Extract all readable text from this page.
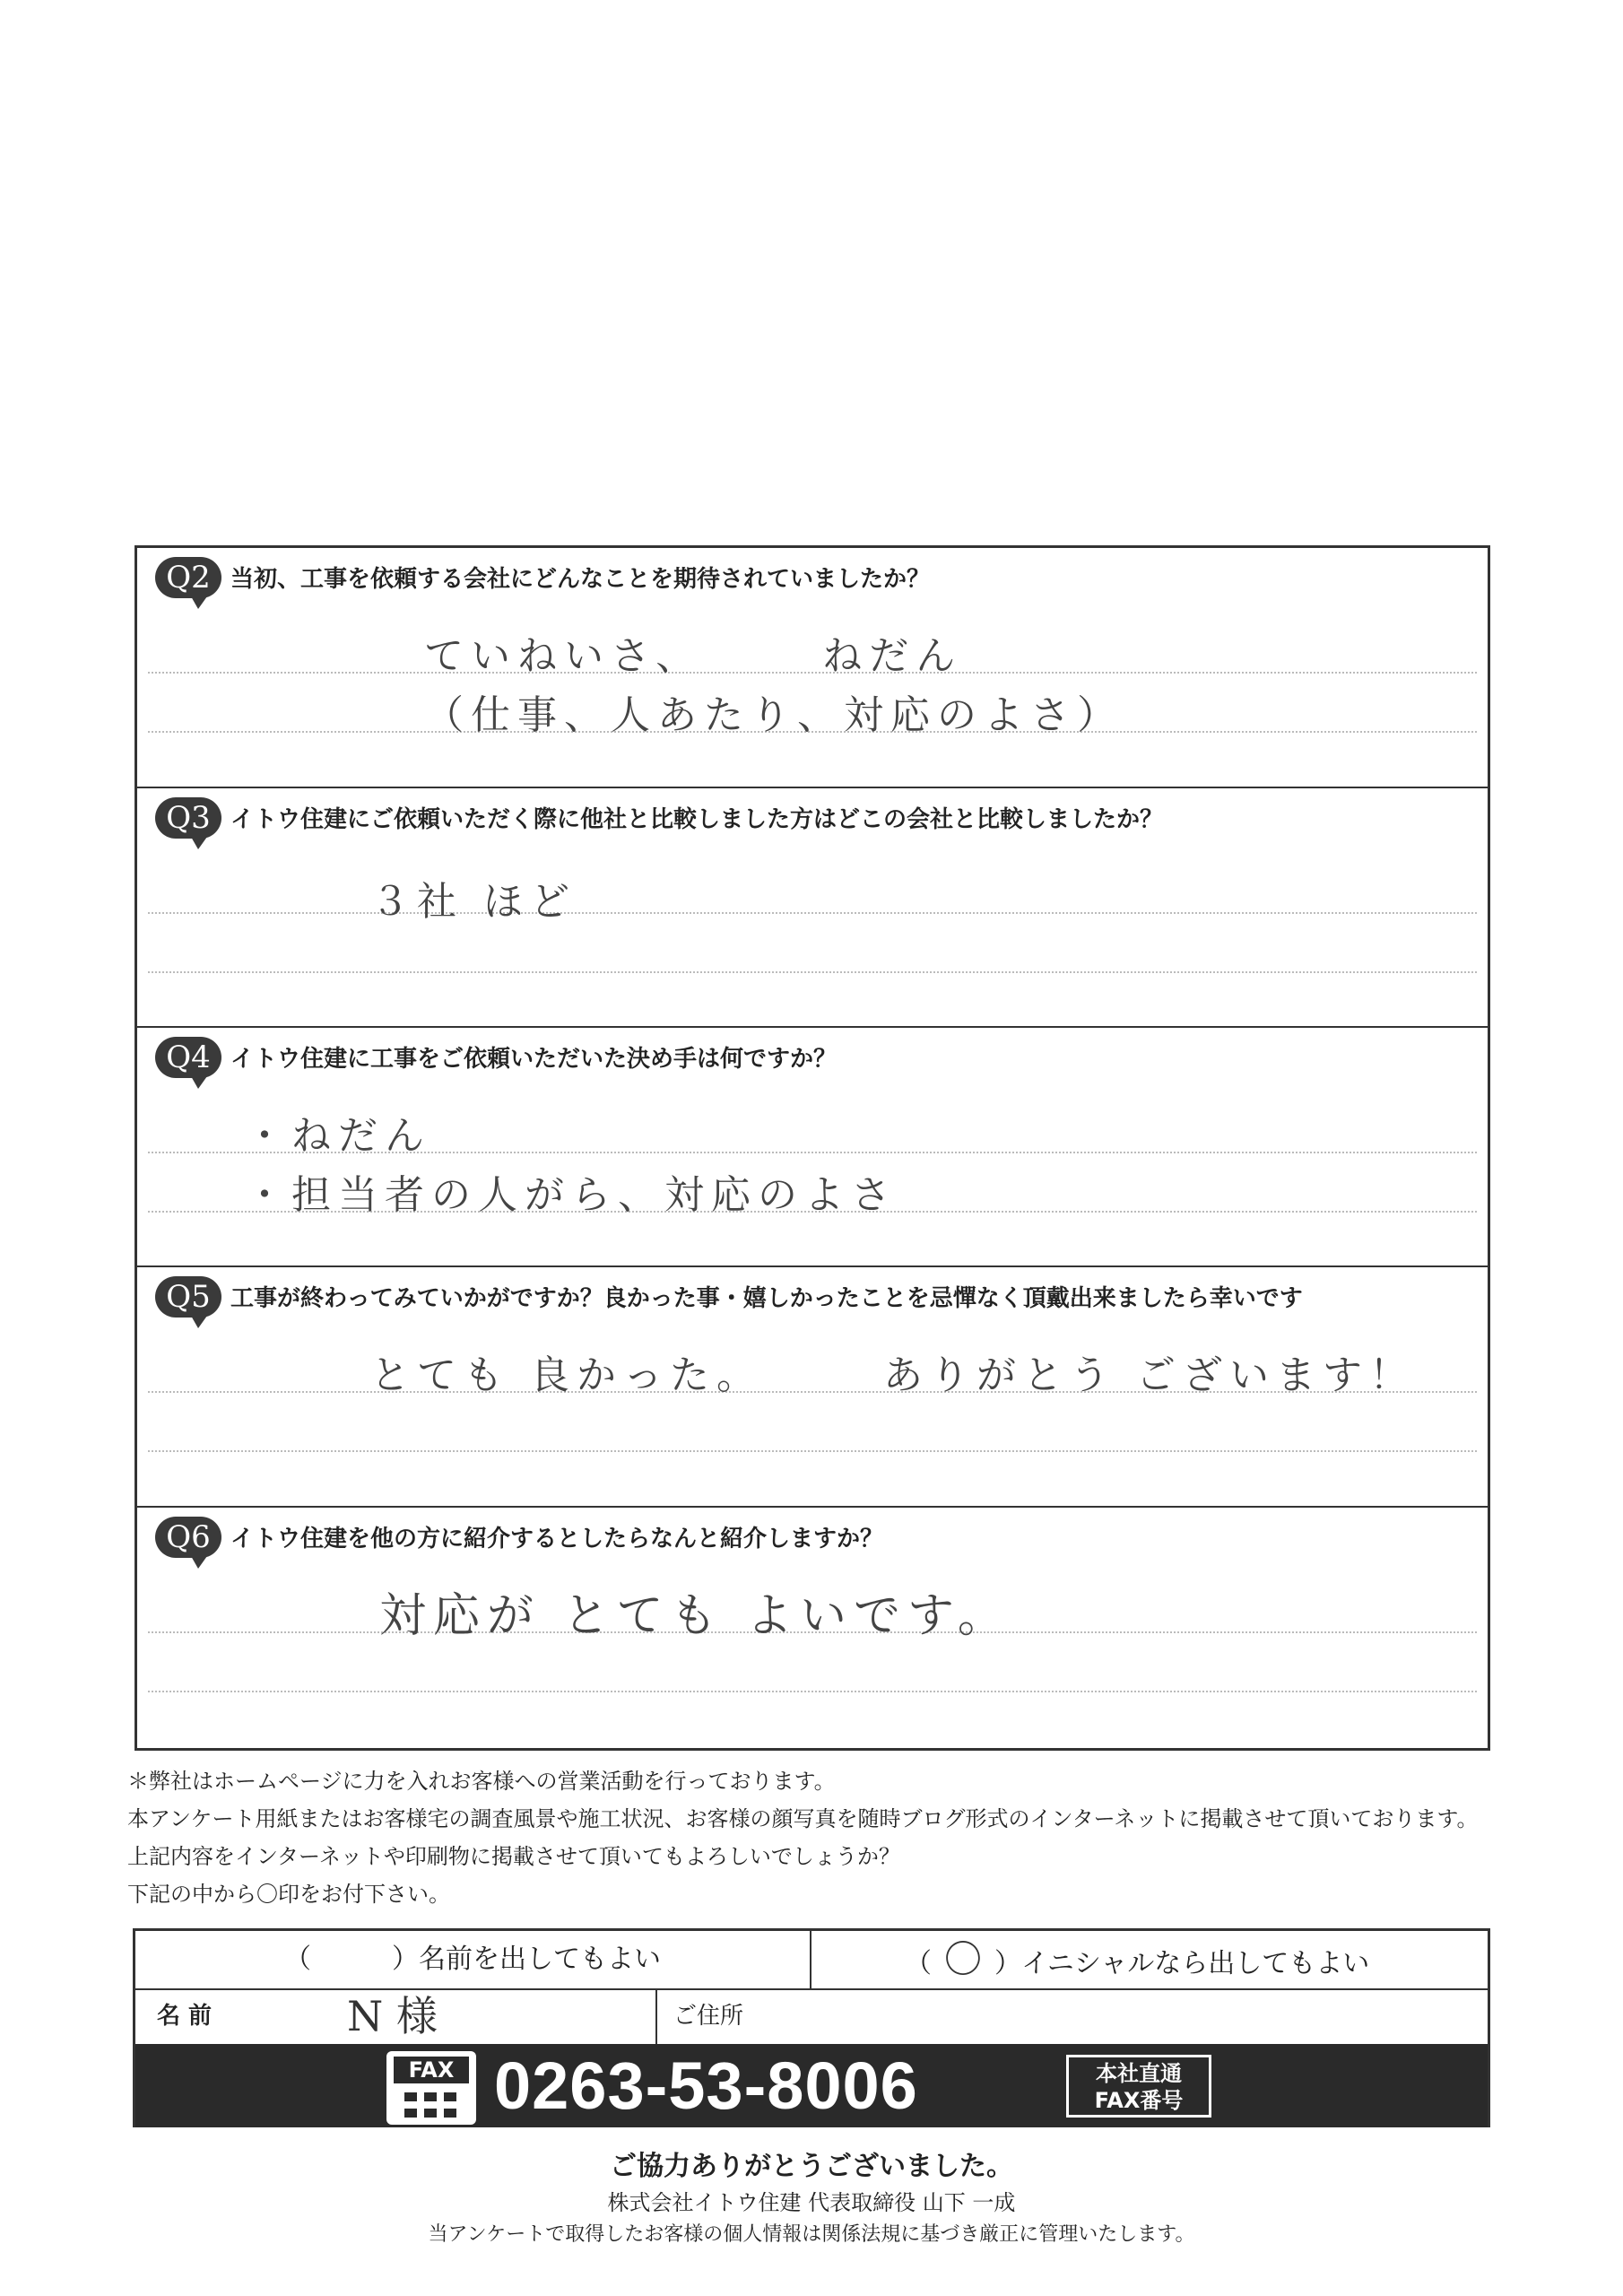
Q2 当初、工事を依頼する会社にどんなことを期待されていましたか？
ていねいさ、　　　ねだん
（仕事、人あたり、対応のよさ）
Q3 イトウ住建にご依頼いただく際に他社と比較しました方はどこの会社と比較しましたか？
３社 ほど
Q4 イトウ住建に工事をご依頼いただいた決め手は何ですか？
・ねだん
・担当者の人がら、対応のよさ
Q5 工事が終わってみていかがですか？良かった事・嬉しかったことを忌憚なく頂戴出来ましたら幸いです
とても 良かった。　　　ありがとう ございます！
Q6 イトウ住建を他の方に紹介するとしたらなんと紹介しますか？
対応が とても よいです。
＊弊社はホームページに力を入れお客様への営業活動を行っております。
本アンケート用紙またはお客様宅の調査風景や施工状況、お客様の顔写真を随時ブログ形式のインターネットに掲載させて頂いております。
上記内容をインターネットや印刷物に掲載させて頂いてもよろしいでしょうか？
下記の中から〇印をお付下さい。
（　　　）名前を出してもよい	（ 〇 ）イニシャルなら出してもよい
名 前	N 様	ご住所
FAX 0263-53-8006	本社直通
FAX番号
ご協力ありがとうございました。
株式会社イトウ住建 代表取締役 山下 一成
当アンケートで取得したお客様の個人情報は関係法規に基づき厳正に管理いたします。
